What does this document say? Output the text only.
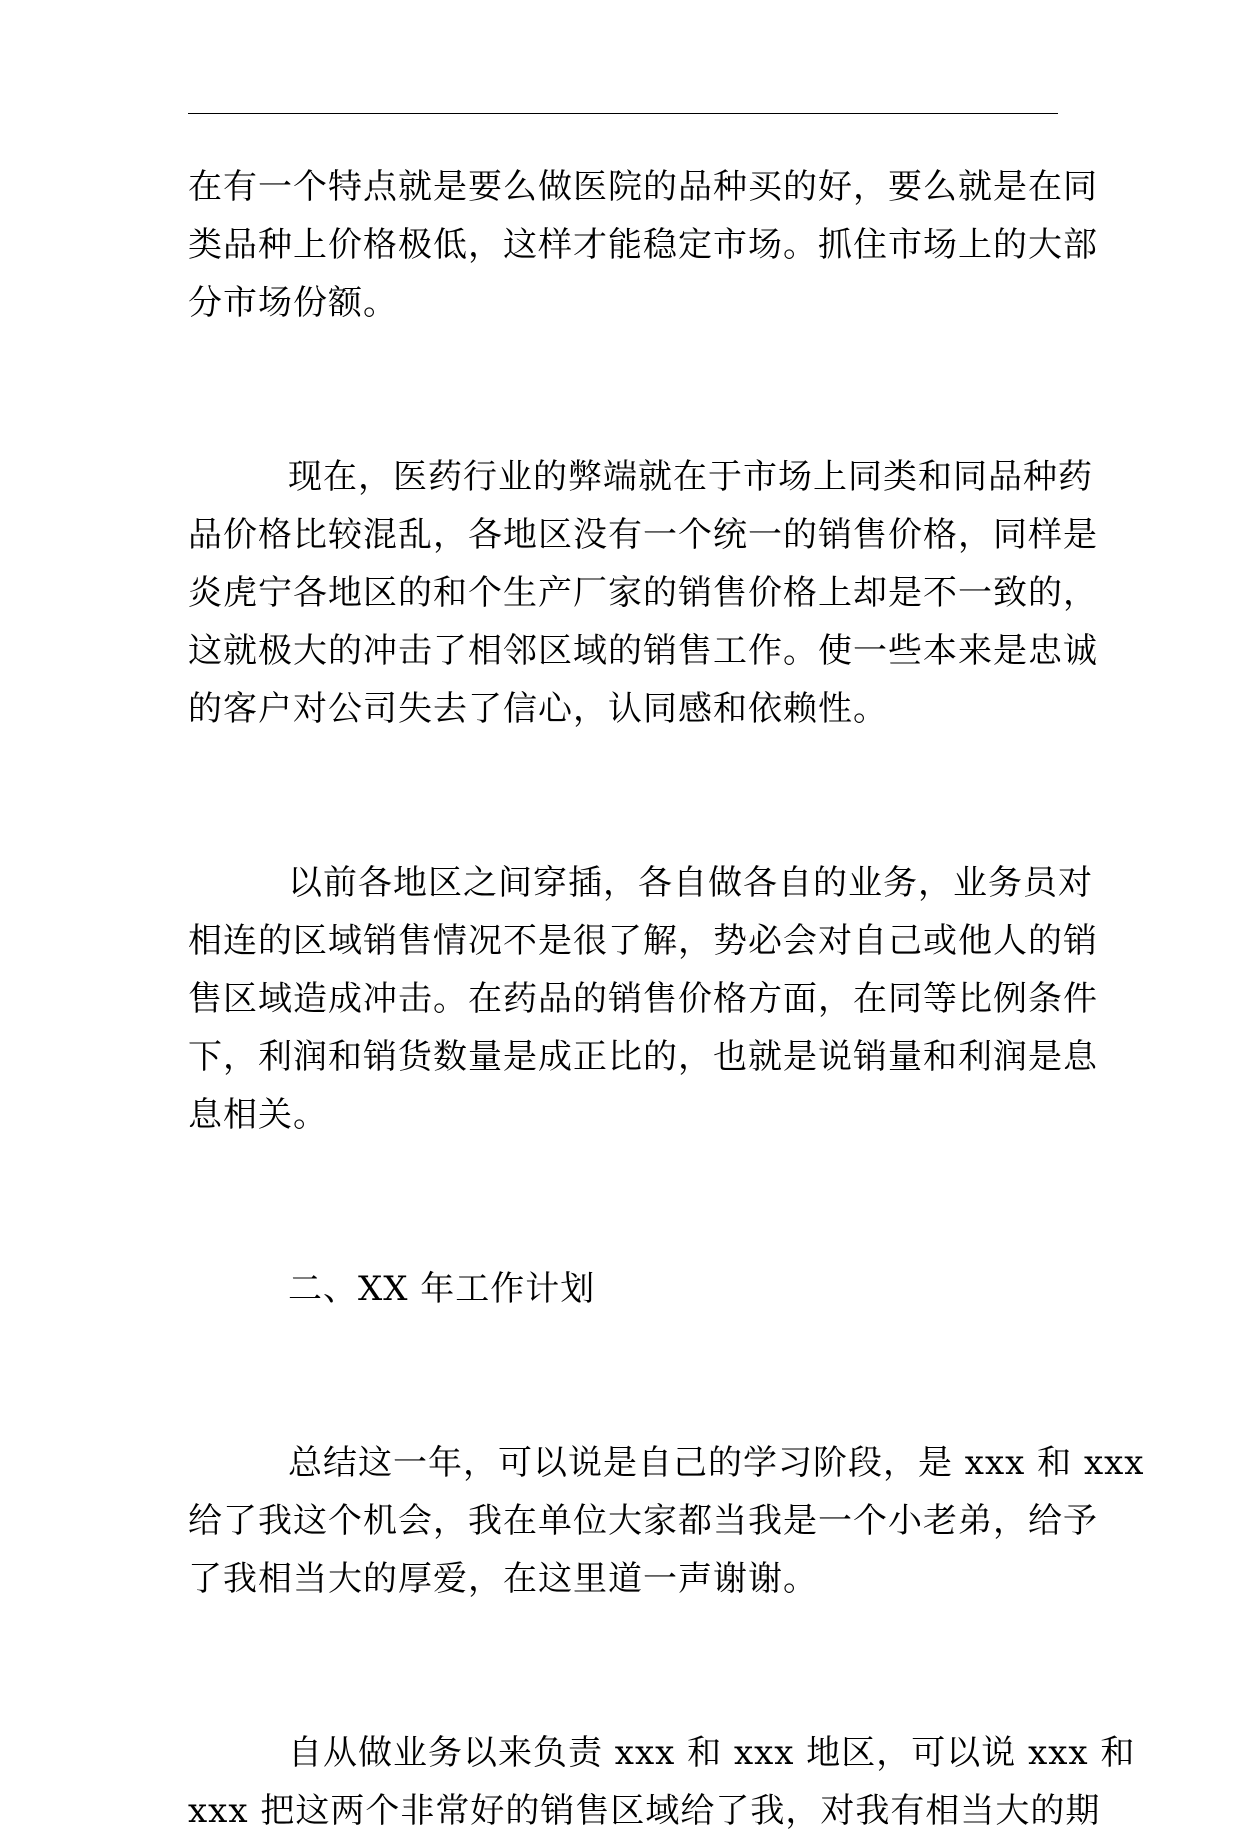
在有一个特点就是要么做医院的品种买的好，要么就是在同
类品种上价格极低，这样才能稳定市场。抓住市场上的大部
分市场份额。
现在，医药行业的弊端就在于市场上同类和同品种药
品价格比较混乱，各地区没有一个统一的销售价格，同样是
炎虎宁各地区的和个生产厂家的销售价格上却是不一致的，
这就极大的冲击了相邻区域的销售工作。使一些本来是忠诚
的客户对公司失去了信心，认同感和依赖性。
以前各地区之间穿插，各自做各自的业务，业务员对
相连的区域销售情况不是很了解，势必会对自己或他人的销
售区域造成冲击。在药品的销售价格方面，在同等比例条件
下，利润和销货数量是成正比的，也就是说销量和利润是息
息相关。
二、XX 年工作计划
总结这一年，可以说是自己的学习阶段，是 xxx 和 xxx
给了我这个机会，我在单位大家都当我是一个小老弟，给予
了我相当大的厚爱，在这里道一声谢谢。
自从做业务以来负责 xxx 和 xxx 地区，可以说 xxx 和
xxx 把这两个非常好的销售区域给了我，对我有相当大的期
